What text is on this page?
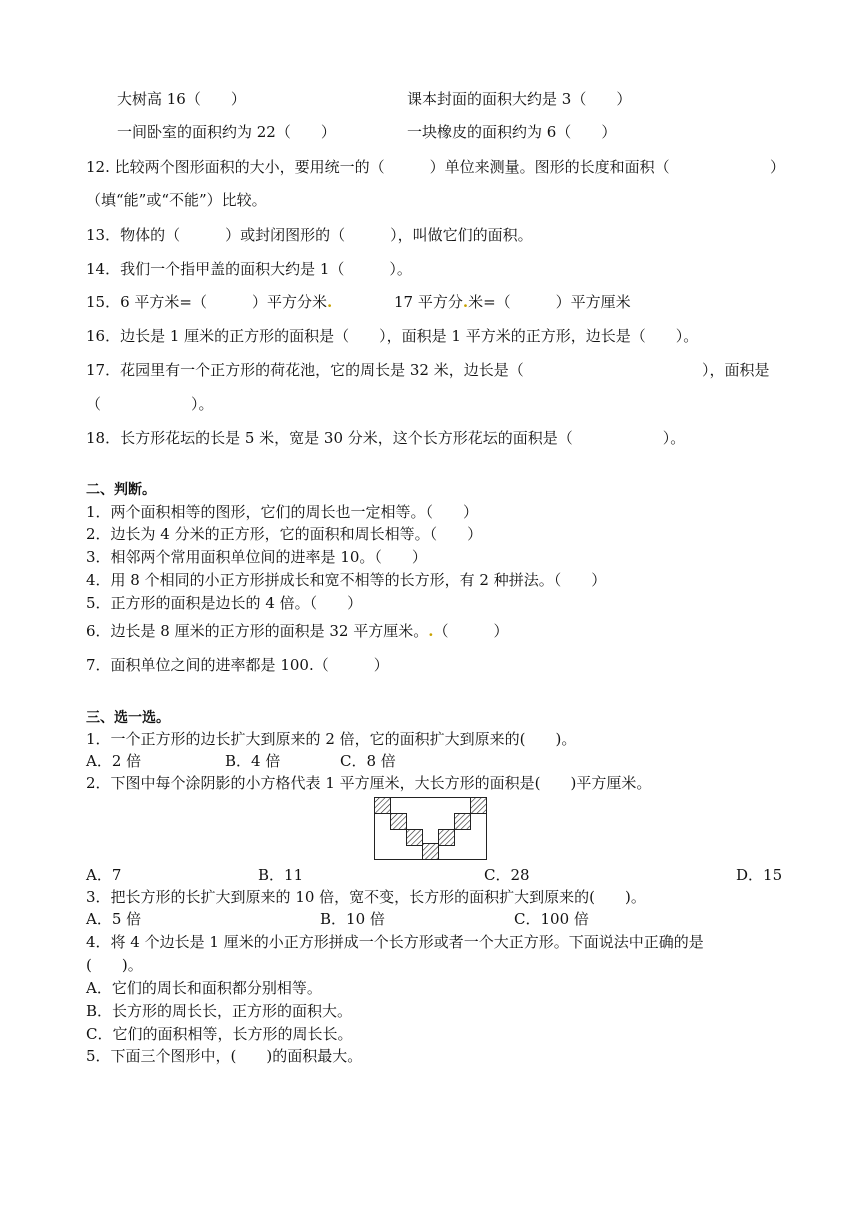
大树高 16（　　）	课本封面的面积大约是 3（　　）
一间卧室的面积约为 22（　　）	一块橡皮的面积约为 6（　　）
12. 比较两个图形面积的大小，要用统一的（　　　）单位来测量。图形的长度和面积（	）
（填“能”或“不能”）比较。
13．物体的（　　　）或封闭图形的（　　　），叫做它们的面积。
14．我们一个指甲盖的面积大约是 1（　　　）。
15．6 平方米=（　　　）平方分米.	17 平方分.米=（　　　）平方厘米
16．边长是 1 厘米的正方形的面积是（　　），面积是 1 平方米的正方形，边长是（　　）。
17．花园里有一个正方形的荷花池，它的周长是 32 米，边长是（	），面积是
（　　　　　　）。
18．长方形花坛的长是 5 米，宽是 30 分米，这个长方形花坛的面积是（　　　　　　）。
二、判断。
1．两个面积相等的图形，它们的周长也一定相等。（　　）
2．边长为 4 分米的正方形，它的面积和周长相等。（　　）
3．相邻两个常用面积单位间的进率是 10。（　　）
4．用 8 个相同的小正方形拼成长和宽不相等的长方形，有 2 种拼法。（　　）
5．正方形的面积是边长的 4 倍。（　　）
6．边长是 8 厘米的正方形的面积是 32 平方厘米。.（　　　）
7．面积单位之间的进率都是 100.（　　　）
三、选一选。
1．一个正方形的边长扩大到原来的 2 倍，它的面积扩大到原来的(　　)。
A．2 倍	B．4 倍	C．8 倍
2．下图中每个涂阴影的小方格代表 1 平方厘米，大长方形的面积是(　　)平方厘米。
A．7	B．11	C．28	D．15
3．把长方形的长扩大到原来的 10 倍，宽不变，长方形的面积扩大到原来的(　　)。
A．5 倍	B．10 倍	C．100 倍
4．将 4 个边长是 1 厘米的小正方形拼成一个长方形或者一个大正方形。下面说法中正确的是
(　　)。
A．它们的周长和面积都分别相等。
B．长方形的周长长，正方形的面积大。
C．它们的面积相等，长方形的周长长。
5．下面三个图形中，(　　)的面积最大。
